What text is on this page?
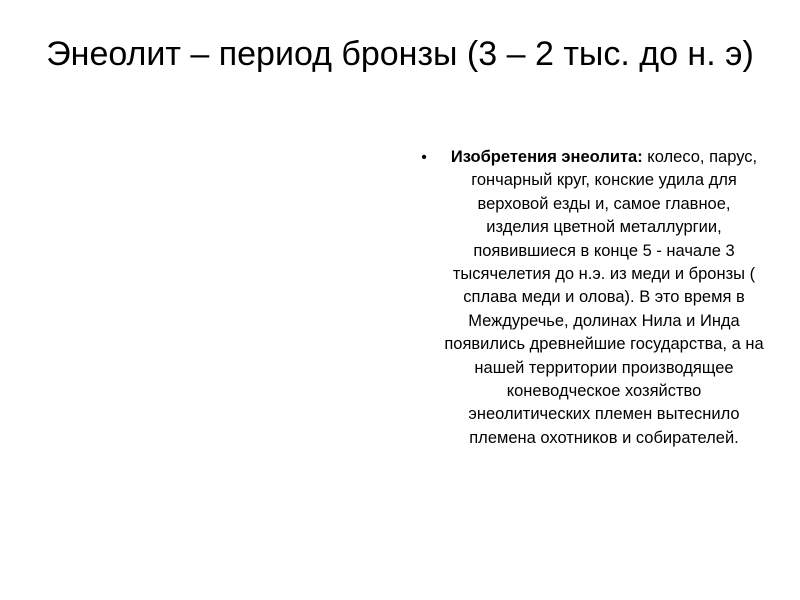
Энеолит – период бронзы (3 – 2 тыс. до н. э)
• Изобретения энеолита: колесо, парус, гончарный круг, конские удила для верховой езды и, самое главное, изделия цветной металлургии, появившиеся в конце 5 - начале 3 тысячелетия до н.э. из меди и бронзы ( сплава меди и олова). В это время в Междуречье, долинах Нила и Инда появились древнейшие государства, а на нашей территории производящее коневодческое хозяйство энеолитических племен вытеснило племена охотников и собирателей.
